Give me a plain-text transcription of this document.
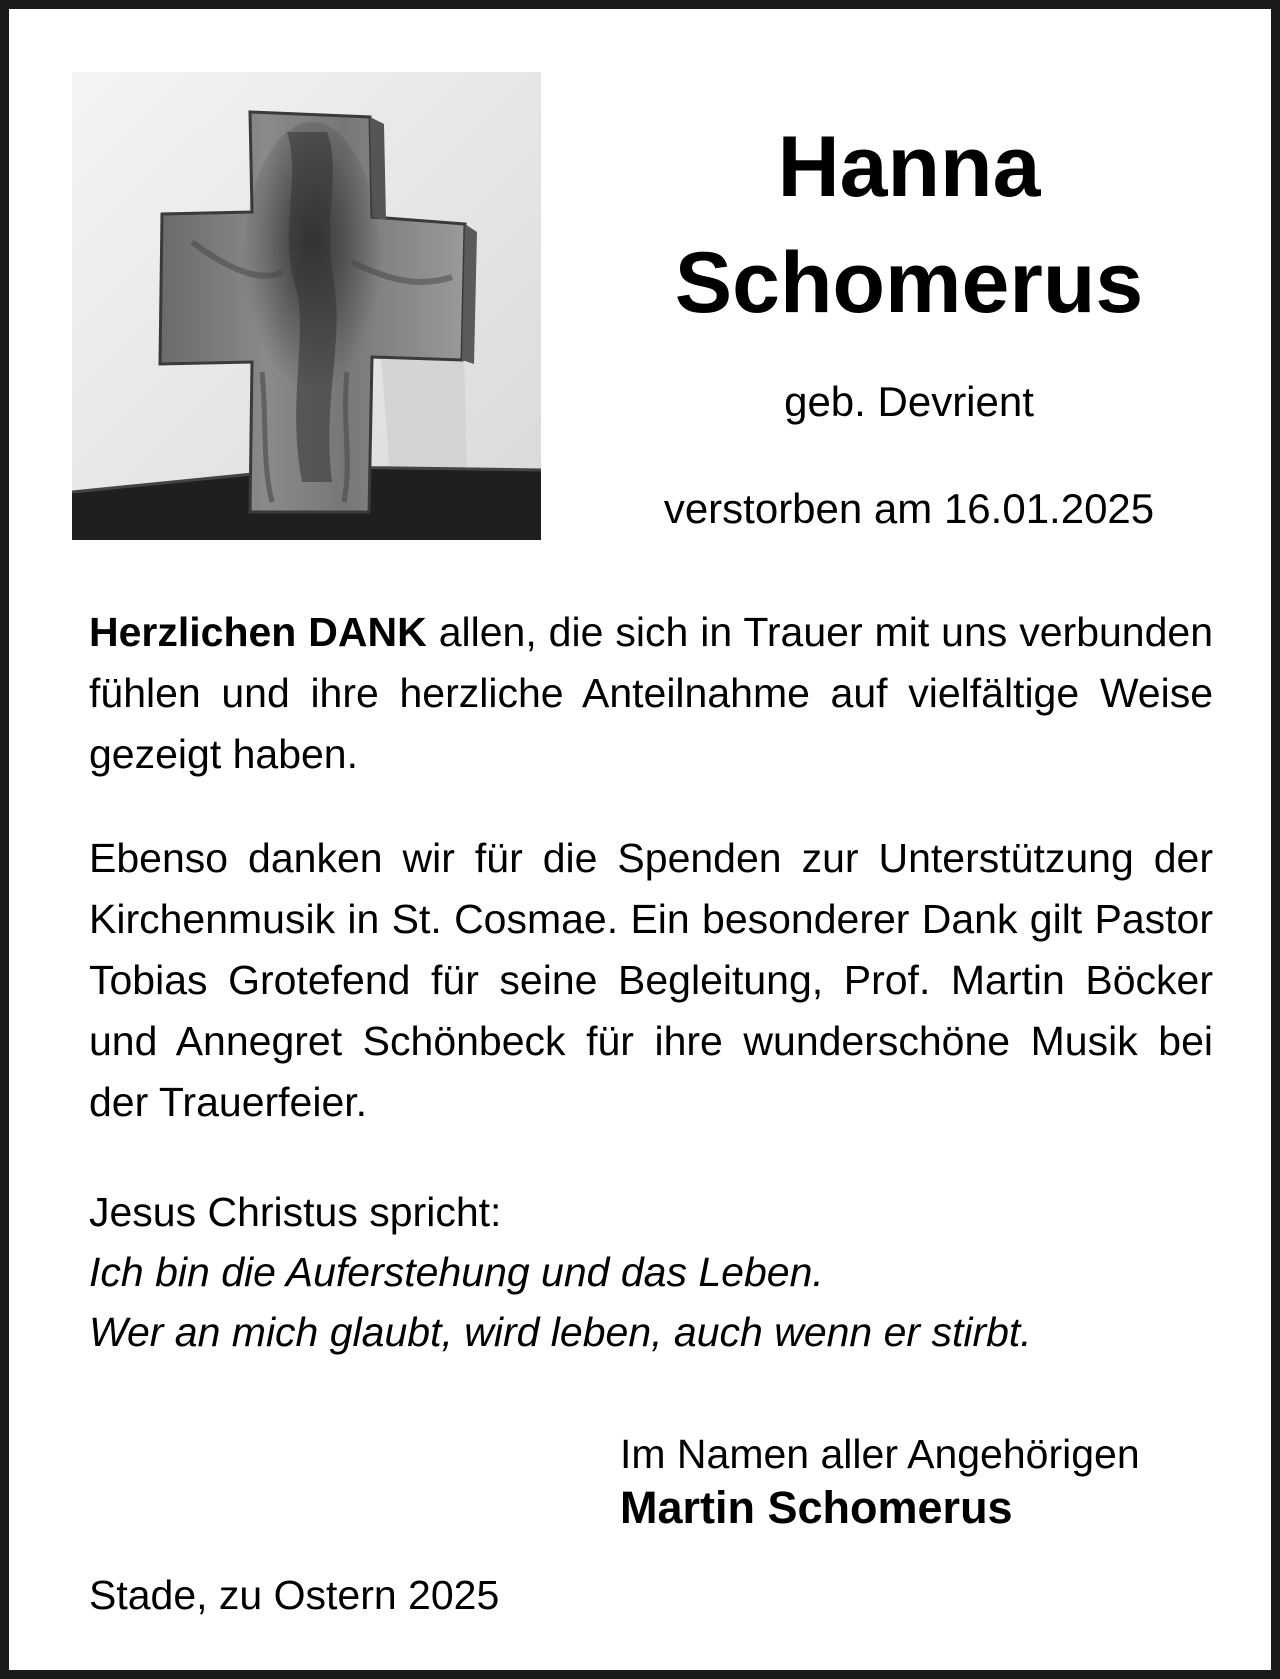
Hanna
Schomerus
geb. Devrient
verstorben am 16.01.2025

Herzlichen DANK allen, die sich in Trauer mit uns verbunden fühlen und ihre herzliche Anteilnahme auf vielfältige Weise gezeigt haben.

Ebenso danken wir für die Spenden zur Unterstützung der Kirchenmusik in St. Cosmae. Ein besonderer Dank gilt Pastor Tobias Grotefend für seine Begleitung, Prof. Martin Böcker und Annegret Schönbeck für ihre wunderschöne Musik bei der Trauerfeier.

Jesus Christus spricht:
Ich bin die Auferstehung und das Leben.
Wer an mich glaubt, wird leben, auch wenn er stirbt.
Im Namen aller Angehörigen
Martin Schomerus
Stade, zu Ostern 2025
